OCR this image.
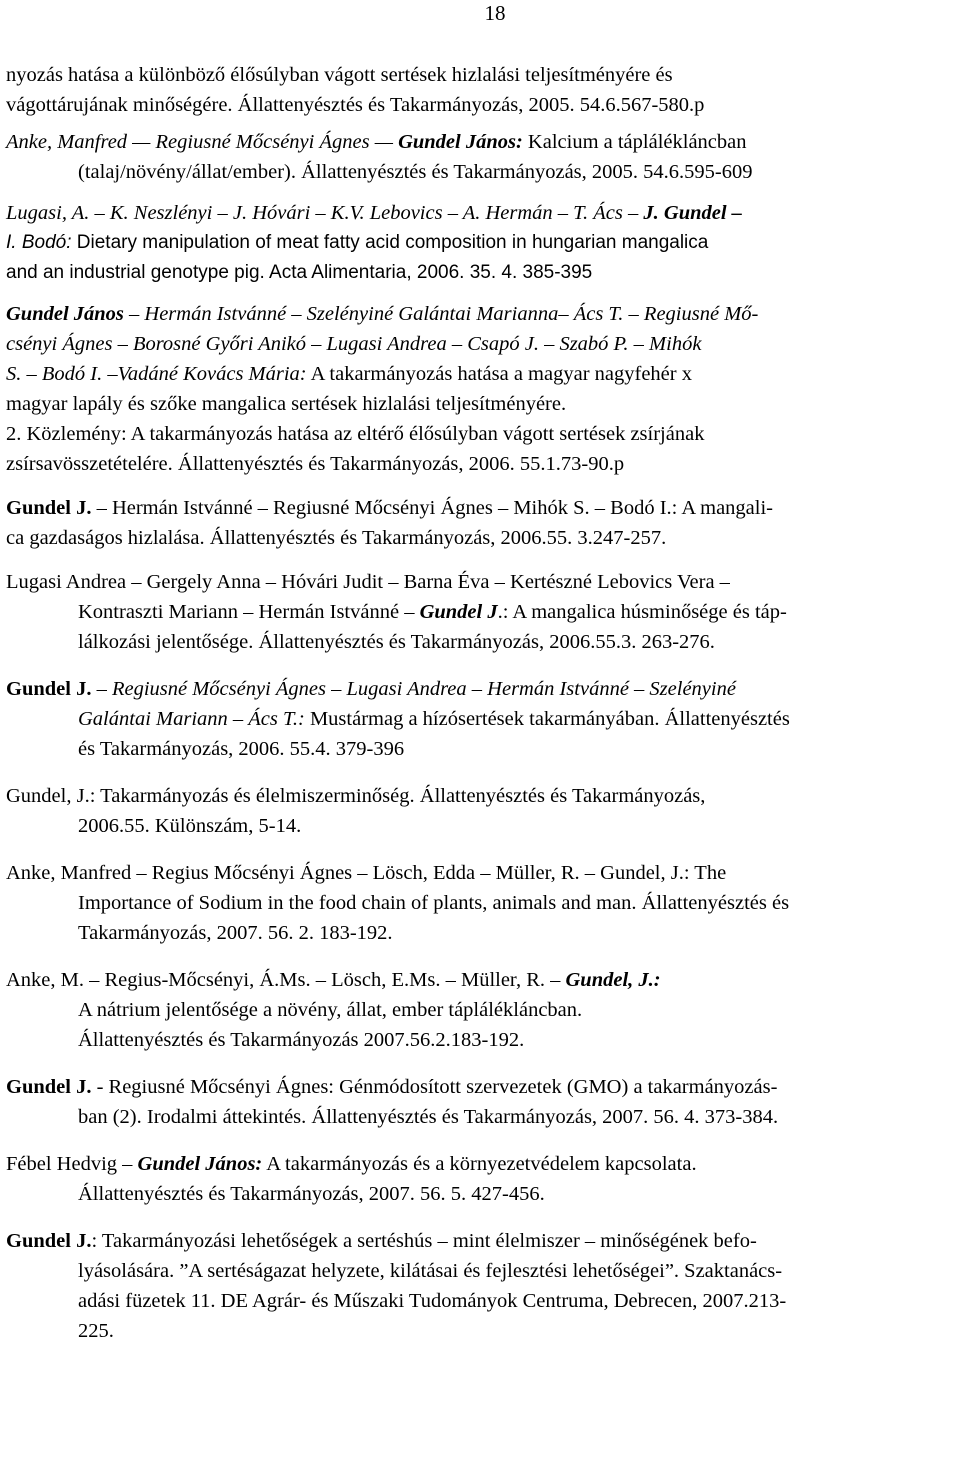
18
nyozás hatása a különböző élősúlyban vágott sertések hizlalási teljesítményére és
vágottárujának minőségére. Állattenyésztés és Takarmányozás, 2005. 54.6.567-580.p
Anke, Manfred — Regiusné Mőcsényi Ágnes — Gundel János: Kalcium a táplálékláncban
(talaj/növény/állat/ember). Állattenyésztés és Takarmányozás, 2005. 54.6.595-609
Lugasi, A. – K. Neszlényi – J. Hóvári – K.V. Lebovics – A. Hermán – T. Ács – J. Gundel –
I. Bodó: Dietary manipulation of meat fatty acid composition in hungarian mangalica
and an industrial genotype pig. Acta Alimentaria, 2006. 35. 4. 385-395
Gundel János – Hermán Istvánné – Szelényiné Galántai Marianna– Ács T. – Regiusné Mő-
csényi Ágnes – Borosné Győri Anikó – Lugasi Andrea – Csapó J. – Szabó P. – Mihók
S. – Bodó I. –Vadáné Kovács Mária: A takarmányozás hatása a magyar nagyfehér x
magyar lapály és szőke mangalica sertések hizlalási teljesítményére.
2. Közlemény: A takarmányozás hatása az eltérő élősúlyban vágott sertések zsírjának
zsírsavösszetételére. Állattenyésztés és Takarmányozás, 2006. 55.1.73-90.p
Gundel J. – Hermán Istvánné – Regiusné Mőcsényi Ágnes – Mihók S. – Bodó I.: A mangali-
ca gazdaságos hizlalása. Állattenyésztés és Takarmányozás, 2006.55. 3.247-257.
Lugasi Andrea – Gergely Anna – Hóvári Judit – Barna Éva – Kertészné Lebovics Vera –
Kontraszti Mariann – Hermán Istvánné – Gundel J.: A mangalica húsminősége és táp-
lálkozási jelentősége. Állattenyésztés és Takarmányozás, 2006.55.3. 263-276.
Gundel J. – Regiusné Mőcsényi Ágnes – Lugasi Andrea – Hermán Istvánné – Szelényiné
Galántai Mariann – Ács T.: Mustármag a hízósertések takarmányában. Állattenyésztés
és Takarmányozás, 2006. 55.4. 379-396
Gundel, J.: Takarmányozás és élelmiszerminőség. Állattenyésztés és Takarmányozás,
2006.55. Különszám, 5-14.
Anke, Manfred – Regius Mőcsényi Ágnes – Lösch, Edda – Müller, R. – Gundel, J.: The
Importance of Sodium in the food chain of plants, animals and man. Állattenyésztés és
Takarmányozás, 2007. 56. 2. 183-192.
Anke, M. – Regius-Mőcsényi, Á.Ms. – Lösch, E.Ms. – Müller, R. – Gundel, J.:
A nátrium jelentősége a növény, állat, ember táplálékláncban.
Állattenyésztés és Takarmányozás 2007.56.2.183-192.
Gundel J. - Regiusné Mőcsényi Ágnes: Génmódosított szervezetek (GMO) a takarmányozás-
ban (2). Irodalmi áttekintés. Állattenyésztés és Takarmányozás, 2007. 56. 4. 373-384.
Fébel Hedvig – Gundel János: A takarmányozás és a környezetvédelem kapcsolata.
Állattenyésztés és Takarmányozás, 2007. 56. 5. 427-456.
Gundel J.: Takarmányozási lehetőségek a sertéshús – mint élelmiszer – minőségének befo-
lyásolására. ”A sertéságazat helyzete, kilátásai és fejlesztési lehetőségei”. Szaktanács-
adási füzetek 11. DE Agrár- és Műszaki Tudományok Centruma, Debrecen, 2007.213-
225.
